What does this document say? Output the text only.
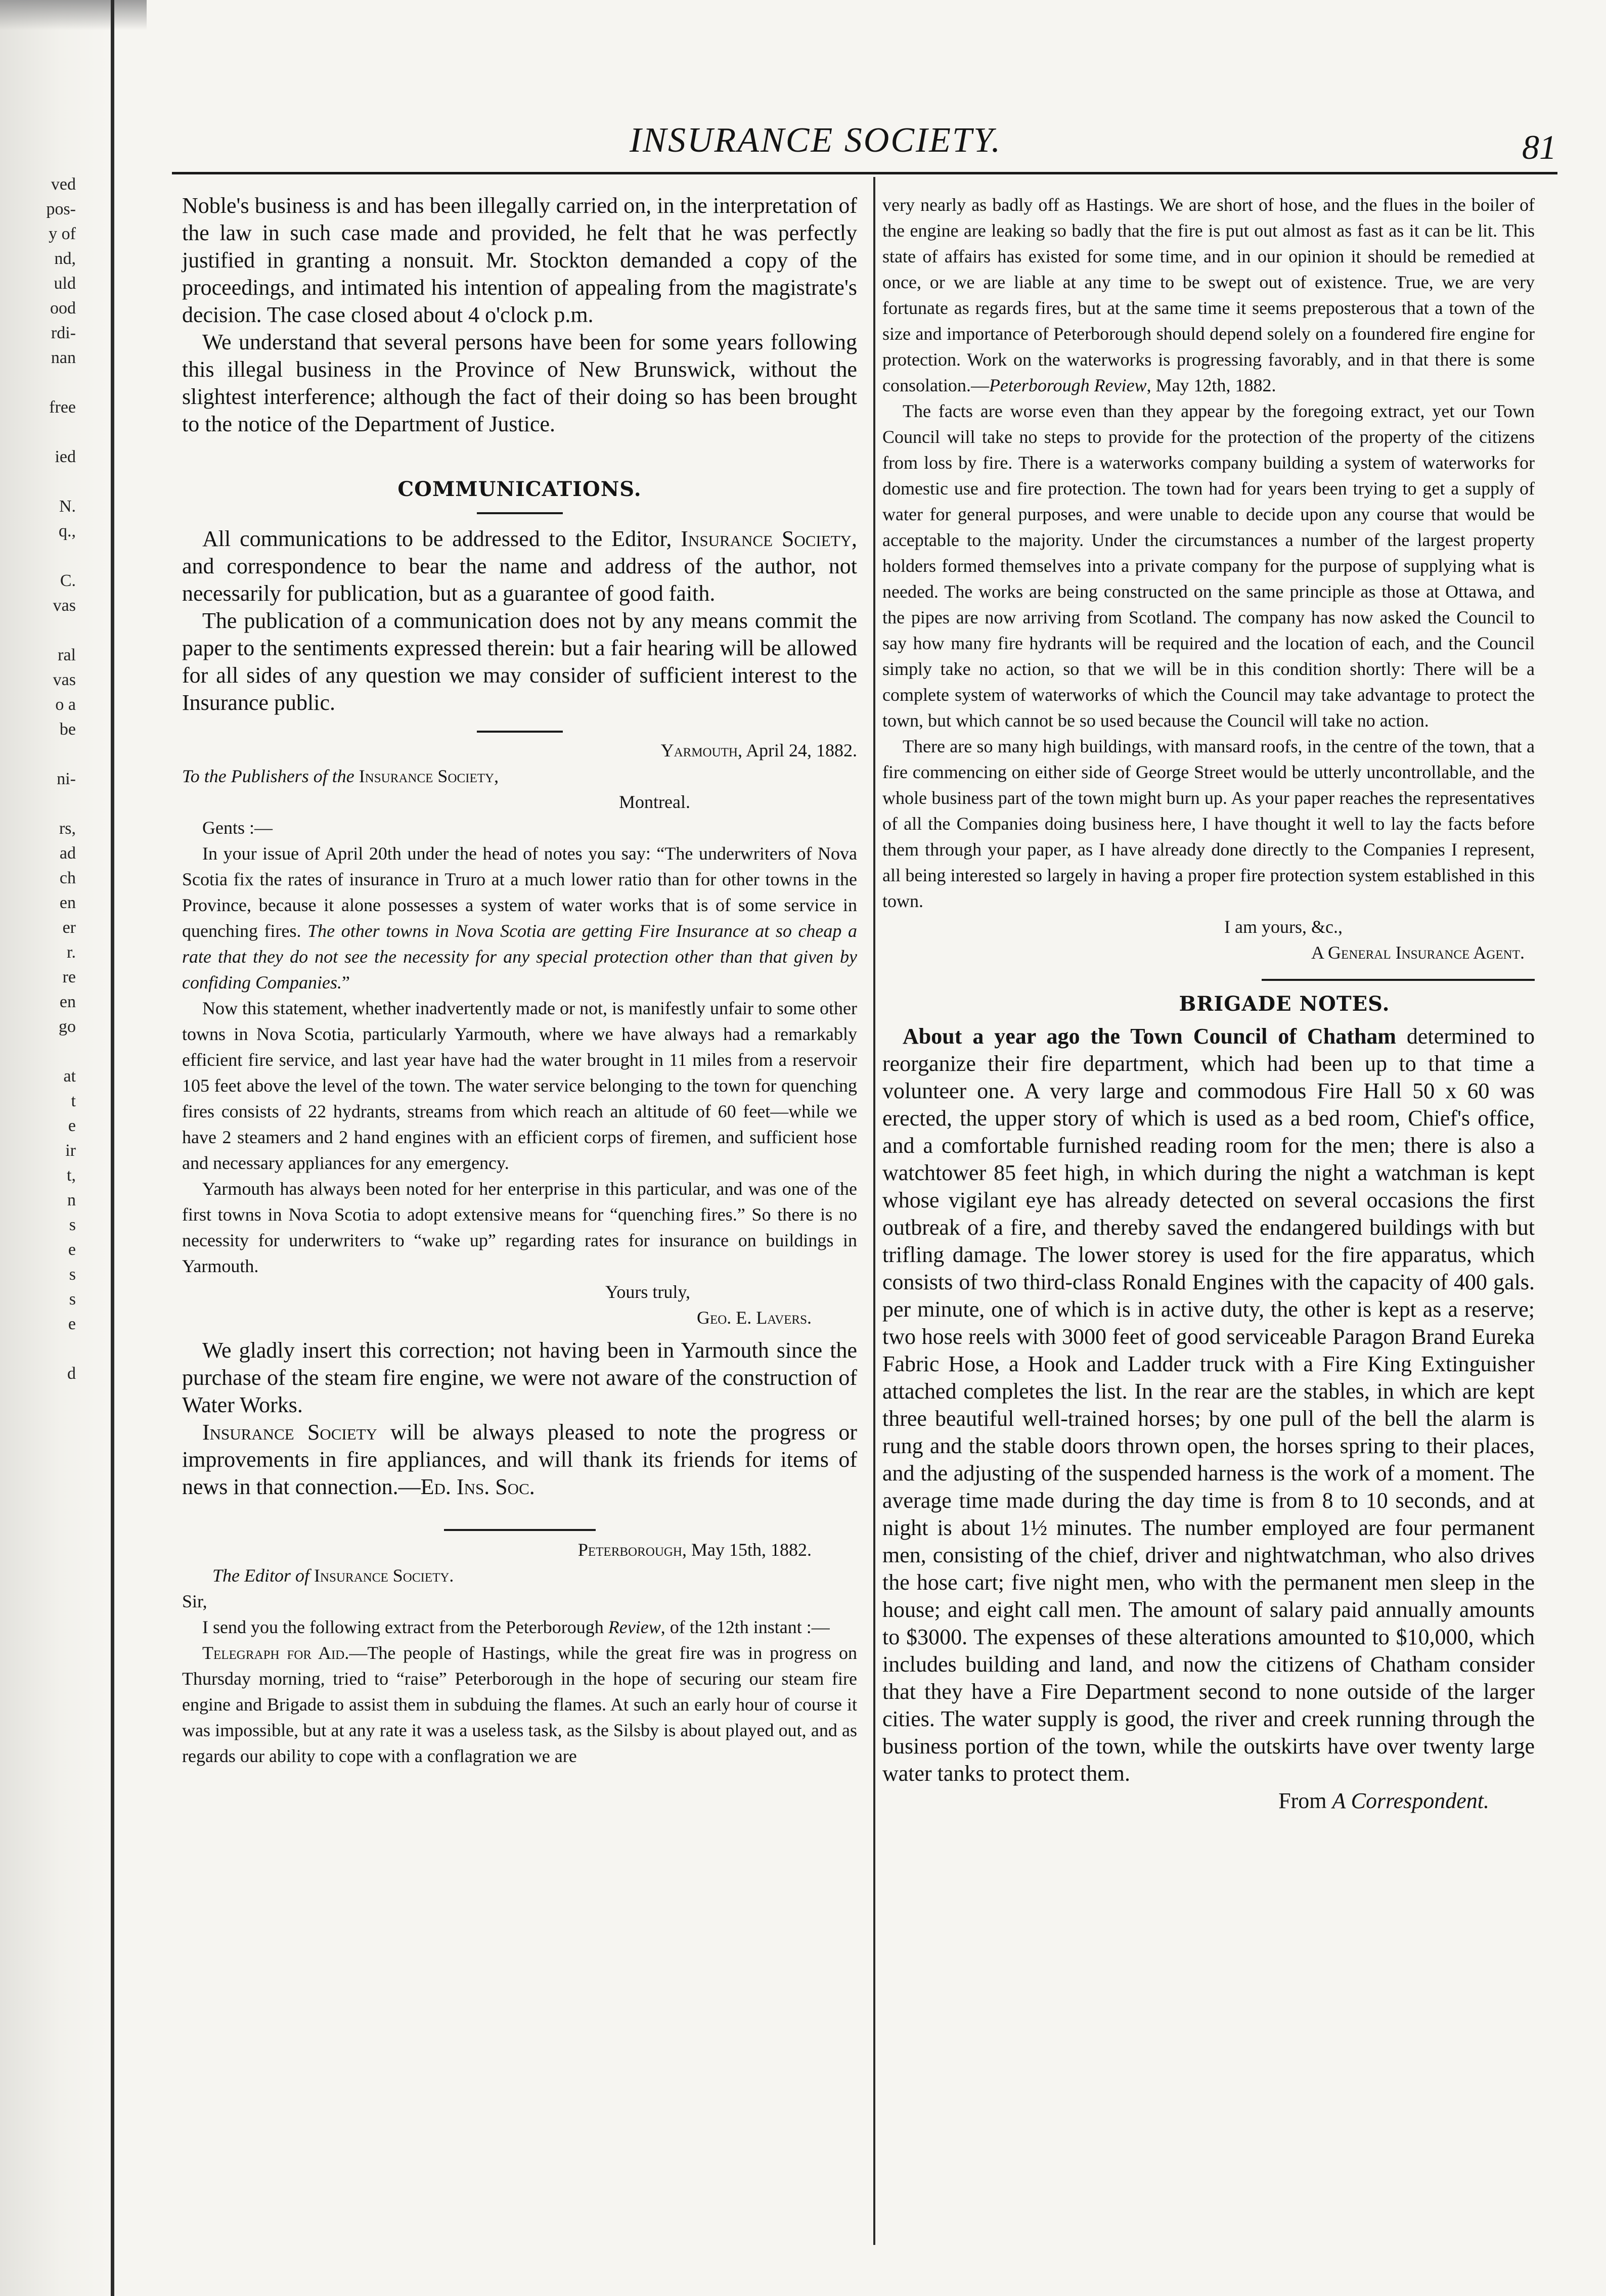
ved
pos-
y of
nd,
uld
ood
rdi-
nan
free
ied
N.
q.,
C.
vas
ral
vas
o a
be
ni-
rs,
ad
ch
en
er
r.
re
en
go
at
t
e
ir
t,
n
s
e
s
s
e
d
INSURANCE SOCIETY.	81

Noble's business is and has been illegally carried on, in the interpretation of the law in such case made and provided, he felt that he was perfectly justified in granting a nonsuit. Mr. Stockton demanded a copy of the proceedings, and intimated his intention of appealing from the magistrate's decision. The case closed about 4 o'clock p.m.

We understand that several persons have been for some years following this illegal business in the Province of New Brunswick, without the slightest interference; although the fact of their doing so has been brought to the notice of the Department of Justice.

COMMUNICATIONS.

All communications to be addressed to the Editor, Insurance Society, and correspondence to bear the name and address of the author, not necessarily for publication, but as a guarantee of good faith.

The publication of a communication does not by any means commit the paper to the sentiments expressed therein: but a fair hearing will be allowed for all sides of any question we may consider of sufficient interest to the Insurance public.

Yarmouth, April 24, 1882.

To the Publishers of the Insurance Society,

Montreal.

Gents :—

In your issue of April 20th under the head of notes you say: “The underwriters of Nova Scotia fix the rates of insurance in Truro at a much lower ratio than for other towns in the Province, because it alone possesses a system of water works that is of some service in quenching fires. The other towns in Nova Scotia are getting Fire Insurance at so cheap a rate that they do not see the necessity for any special protection other than that given by confiding Companies.”

Now this statement, whether inadvertently made or not, is manifestly unfair to some other towns in Nova Scotia, particularly Yarmouth, where we have always had a remarkably efficient fire service, and last year have had the water brought in 11 miles from a reservoir 105 feet above the level of the town. The water service belonging to the town for quenching fires consists of 22 hydrants, streams from which reach an altitude of 60 feet—while we have 2 steamers and 2 hand engines with an efficient corps of firemen, and sufficient hose and necessary appliances for any emergency.

Yarmouth has always been noted for her enterprise in this particular, and was one of the first towns in Nova Scotia to adopt extensive means for “quenching fires.” So there is no necessity for underwriters to “wake up” regarding rates for insurance on buildings in Yarmouth.

Yours truly,

Geo. E. Lavers.

We gladly insert this correction; not having been in Yarmouth since the purchase of the steam fire engine, we were not aware of the construction of Water Works.

Insurance Society will be always pleased to note the progress or improvements in fire appliances, and will thank its friends for items of news in that connection.—Ed. Ins. Soc.

Peterborough, May 15th, 1882.

The Editor of Insurance Society.

Sir,

I send you the following extract from the Peterborough Review, of the 12th instant :—

Telegraph for Aid.—The people of Hastings, while the great fire was in progress on Thursday morning, tried to “raise” Peterborough in the hope of securing our steam fire engine and Brigade to assist them in subduing the flames. At such an early hour of course it was impossible, but at any rate it was a useless task, as the Silsby is about played out, and as regards our ability to cope with a conflagration we are

very nearly as badly off as Hastings. We are short of hose, and the flues in the boiler of the engine are leaking so badly that the fire is put out almost as fast as it can be lit. This state of affairs has existed for some time, and in our opinion it should be remedied at once, or we are liable at any time to be swept out of existence. True, we are very fortunate as regards fires, but at the same time it seems preposterous that a town of the size and importance of Peterborough should depend solely on a foundered fire engine for protection. Work on the waterworks is progressing favorably, and in that there is some consolation.—Peterborough Review, May 12th, 1882.

The facts are worse even than they appear by the foregoing extract, yet our Town Council will take no steps to provide for the protection of the property of the citizens from loss by fire. There is a waterworks company building a system of waterworks for domestic use and fire protection. The town had for years been trying to get a supply of water for general purposes, and were unable to decide upon any course that would be acceptable to the majority. Under the circumstances a number of the largest property holders formed themselves into a private company for the purpose of supplying what is needed. The works are being constructed on the same principle as those at Ottawa, and the pipes are now arriving from Scotland. The company has now asked the Council to say how many fire hydrants will be required and the location of each, and the Council simply take no action, so that we will be in this condition shortly: There will be a complete system of waterworks of which the Council may take advantage to protect the town, but which cannot be so used because the Council will take no action.

There are so many high buildings, with mansard roofs, in the centre of the town, that a fire commencing on either side of George Street would be utterly uncontrollable, and the whole business part of the town might burn up. As your paper reaches the representatives of all the Companies doing business here, I have thought it well to lay the facts before them through your paper, as I have already done directly to the Companies I represent, all being interested so largely in having a proper fire protection system established in this town.

I am yours, &c.,

A General Insurance Agent.

BRIGADE NOTES.

About a year ago the Town Council of Chatham determined to reorganize their fire department, which had been up to that time a volunteer one. A very large and commodous Fire Hall 50 x 60 was erected, the upper story of which is used as a bed room, Chief's office, and a comfortable furnished reading room for the men; there is also a watchtower 85 feet high, in which during the night a watchman is kept whose vigilant eye has already detected on several occasions the first outbreak of a fire, and thereby saved the endangered buildings with but trifling damage. The lower storey is used for the fire apparatus, which consists of two third-class Ronald Engines with the capacity of 400 gals. per minute, one of which is in active duty, the other is kept as a reserve; two hose reels with 3000 feet of good serviceable Paragon Brand Eureka Fabric Hose, a Hook and Ladder truck with a Fire King Extinguisher attached completes the list. In the rear are the stables, in which are kept three beautiful well-trained horses; by one pull of the bell the alarm is rung and the stable doors thrown open, the horses spring to their places, and the adjusting of the suspended harness is the work of a moment. The average time made during the day time is from 8 to 10 seconds, and at night is about 1½ minutes. The number employed are four permanent men, consisting of the chief, driver and nightwatchman, who also drives the hose cart; five night men, who with the permanent men sleep in the house; and eight call men. The amount of salary paid annually amounts to $3000. The expenses of these alterations amounted to $10,000, which includes building and land, and now the citizens of Chatham consider that they have a Fire Department second to none outside of the larger cities. The water supply is good, the river and creek running through the business portion of the town, while the outskirts have over twenty large water tanks to protect them.

From A Correspondent.
